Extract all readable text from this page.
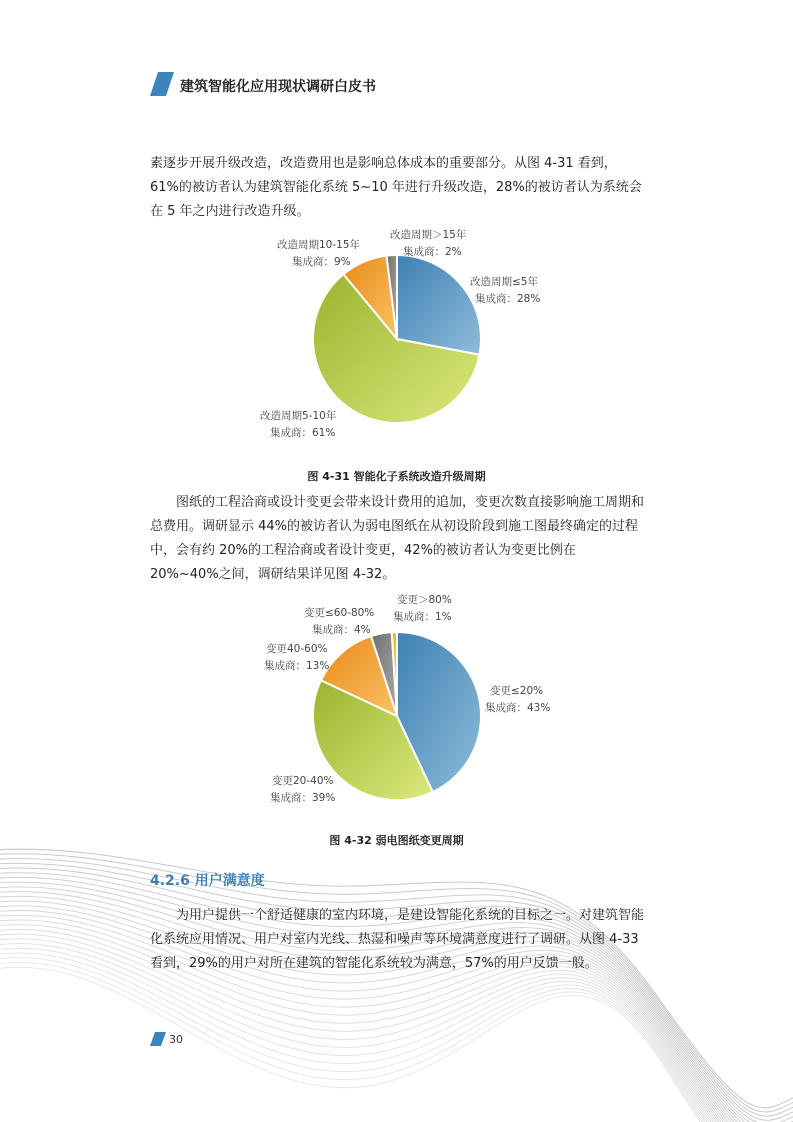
建筑智能化应用现状调研白皮书

素逐步开展升级改造，改造费用也是影响总体成本的重要部分。从图 4-31 看到，61%的被访者认为建筑智能化系统 5~10 年进行升级改造，28%的被访者认为系统会在 5 年之内进行改造升级。

改造周期≤5年
集成商：28%
改造周期5-10年
集成商：61%
改造周期10-15年
集成商：9%
改造周期＞15年
集成商：2%
图 4-31 智能化子系统改造升级周期

图纸的工程洽商或设计变更会带来设计费用的追加，变更次数直接影响施工周期和总费用。调研显示 44%的被访者认为弱电图纸在从初设阶段到施工图最终确定的过程中，会有约 20%的工程洽商或者设计变更，42%的被访者认为变更比例在 20%~40%之间，调研结果详见图 4-32。

变更≤20%
集成商：43%
变更20-40%
集成商：39%
变更40-60%
集成商：13%
变更≤60-80%
集成商：4%
变更＞80%
集成商：1%
图 4-32 弱电图纸变更周期
4.2.6 用户满意度

为用户提供一个舒适健康的室内环境，是建设智能化系统的目标之一。对建筑智能化系统应用情况、用户对室内光线、热湿和噪声等环境满意度进行了调研。从图 4-33 看到，29%的用户对所在建筑的智能化系统较为满意，57%的用户反馈一般。

30
